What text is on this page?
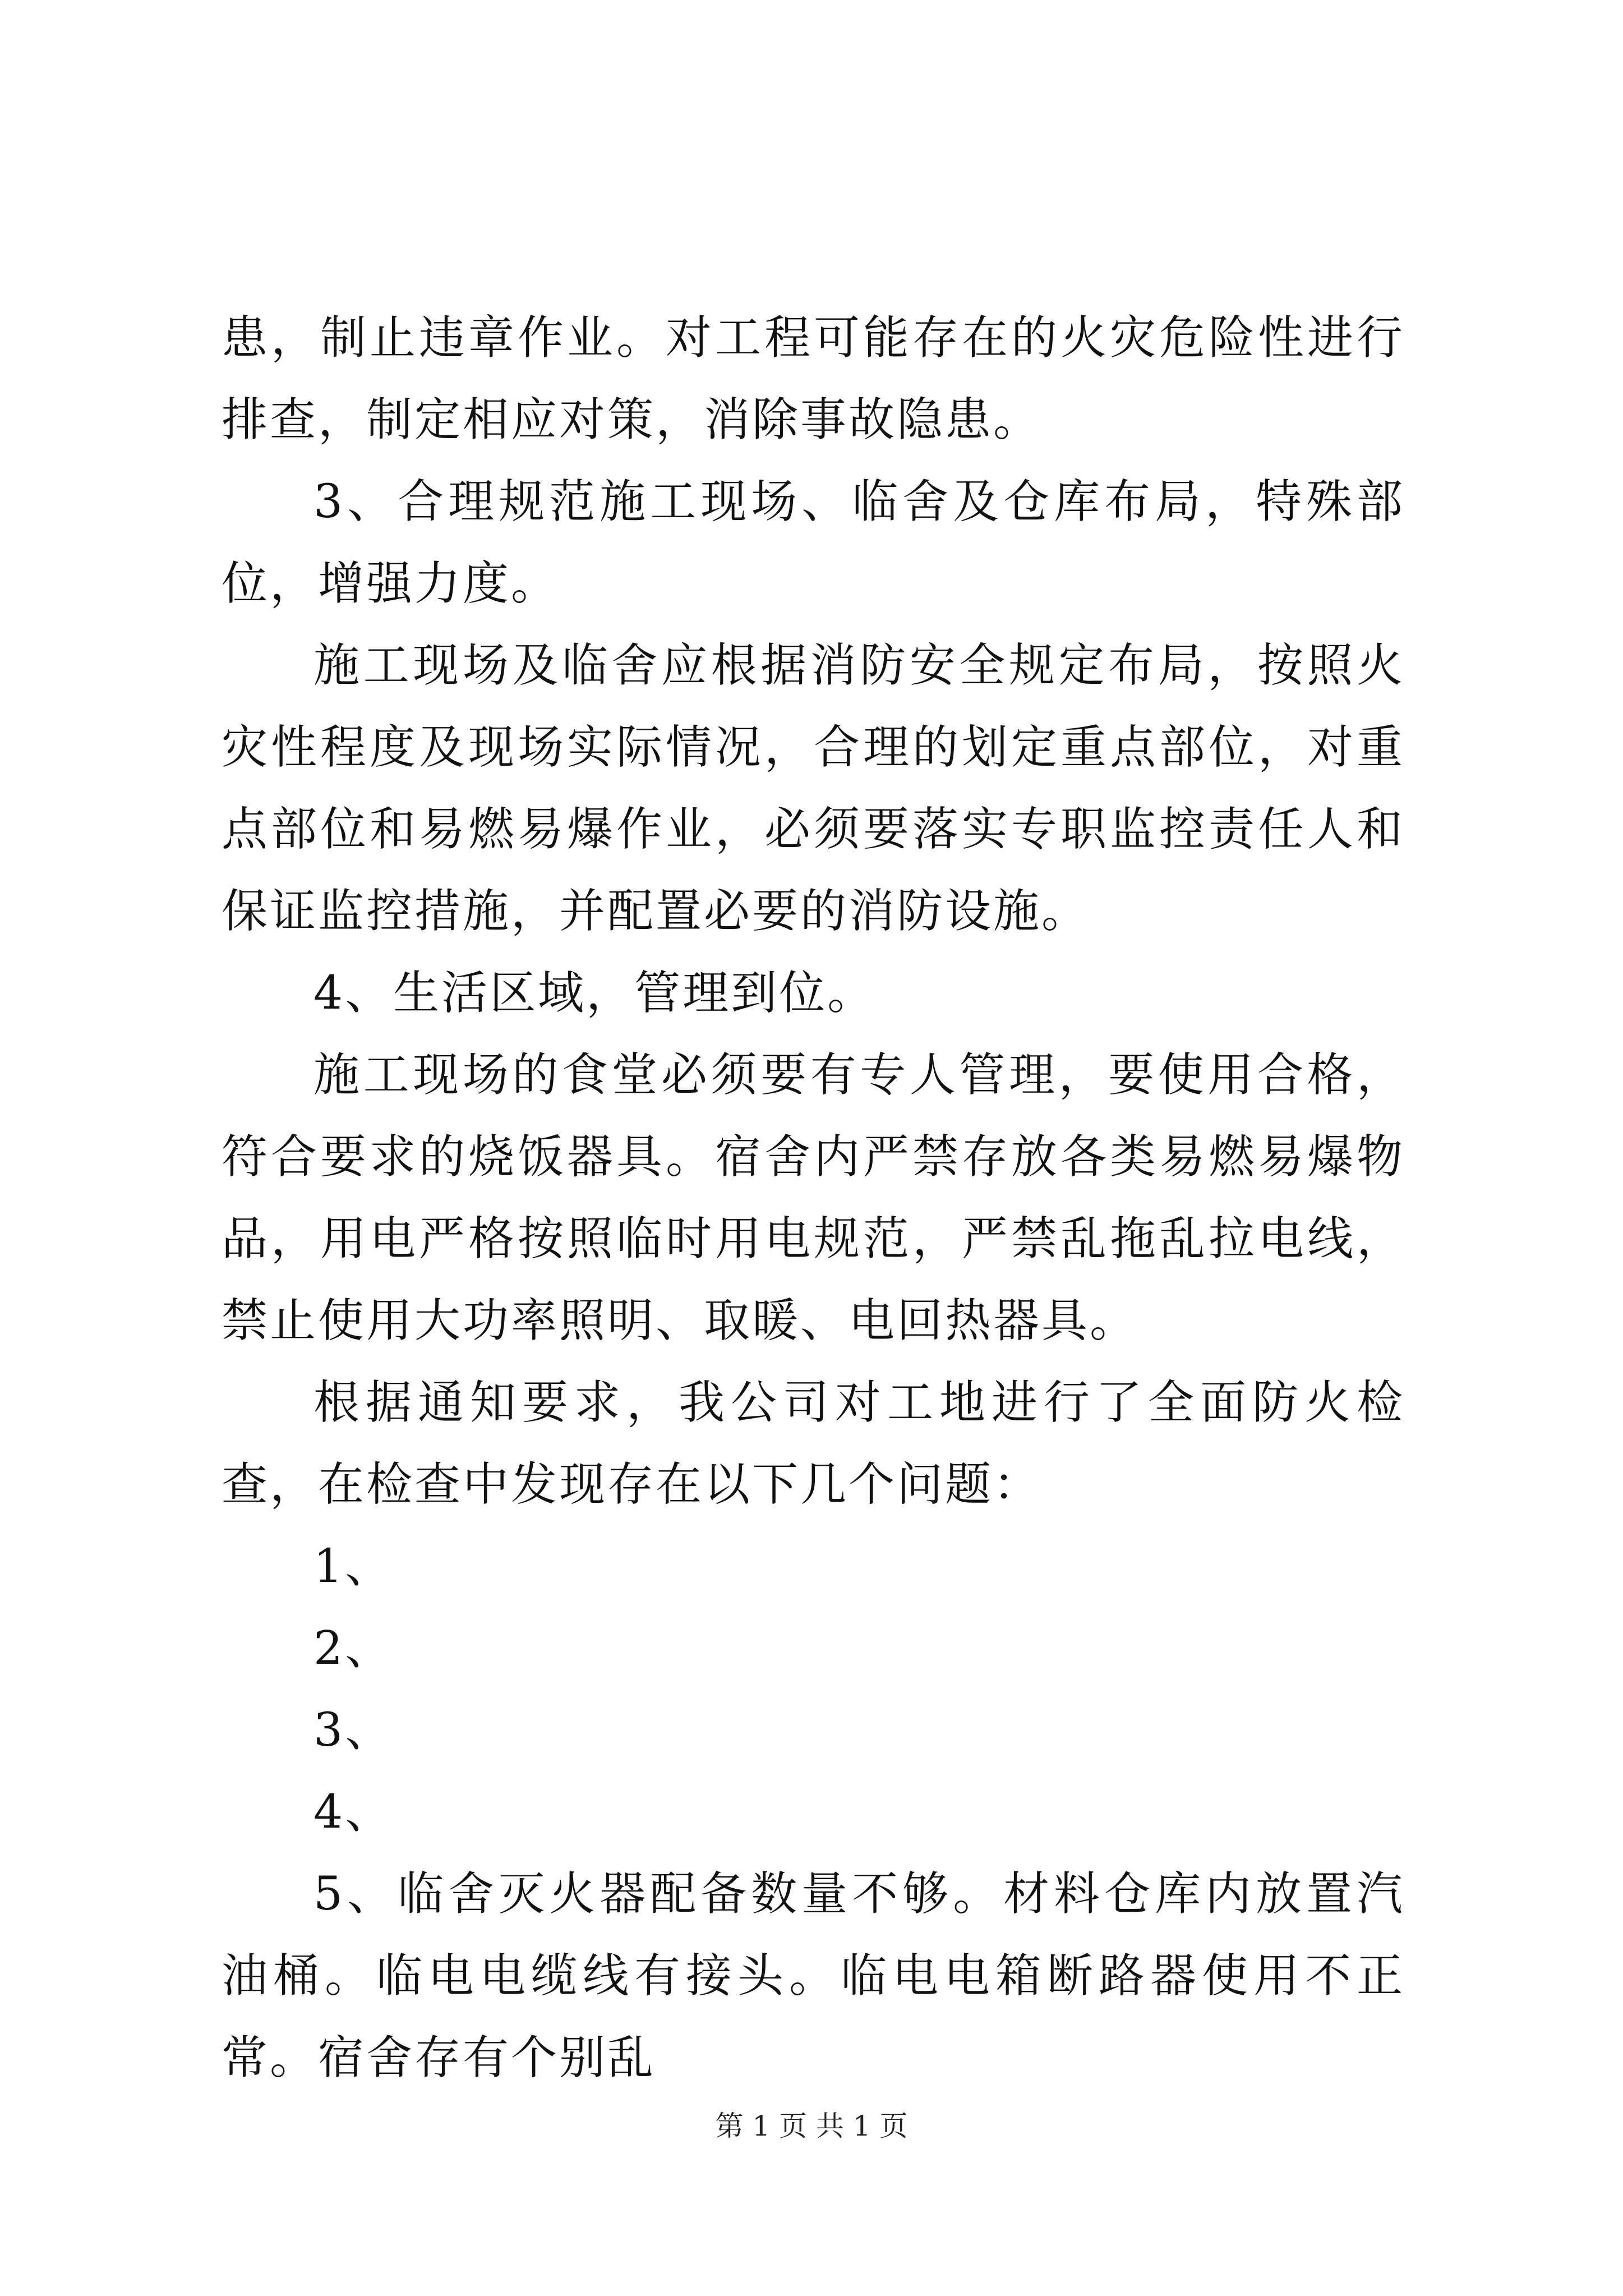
患，制止违章作业。对工程可能存在的火灾危险性进行排查，制定相应对策，消除事故隐患。

3、合理规范施工现场、临舍及仓库布局，特殊部位，增强力度。

施工现场及临舍应根据消防安全规定布局，按照火灾性程度及现场实际情况，合理的划定重点部位，对重点部位和易燃易爆作业，必须要落实专职监控责任人和保证监控措施，并配置必要的消防设施。

4、生活区域，管理到位。

施工现场的食堂必须要有专人管理，要使用合格，符合要求的烧饭器具。宿舍内严禁存放各类易燃易爆物品，用电严格按照临时用电规范，严禁乱拖乱拉电线，禁止使用大功率照明、取暖、电回热器具。

根据通知要求，我公司对工地进行了全面防火检查，在检查中发现存在以下几个问题：

1、

2、

3、

4、

5、临舍灭火器配备数量不够。材料仓库内放置汽油桶。临电电缆线有接头。临电电箱断路器使用不正常。宿舍存有个别乱

第 1 页 共 1 页
